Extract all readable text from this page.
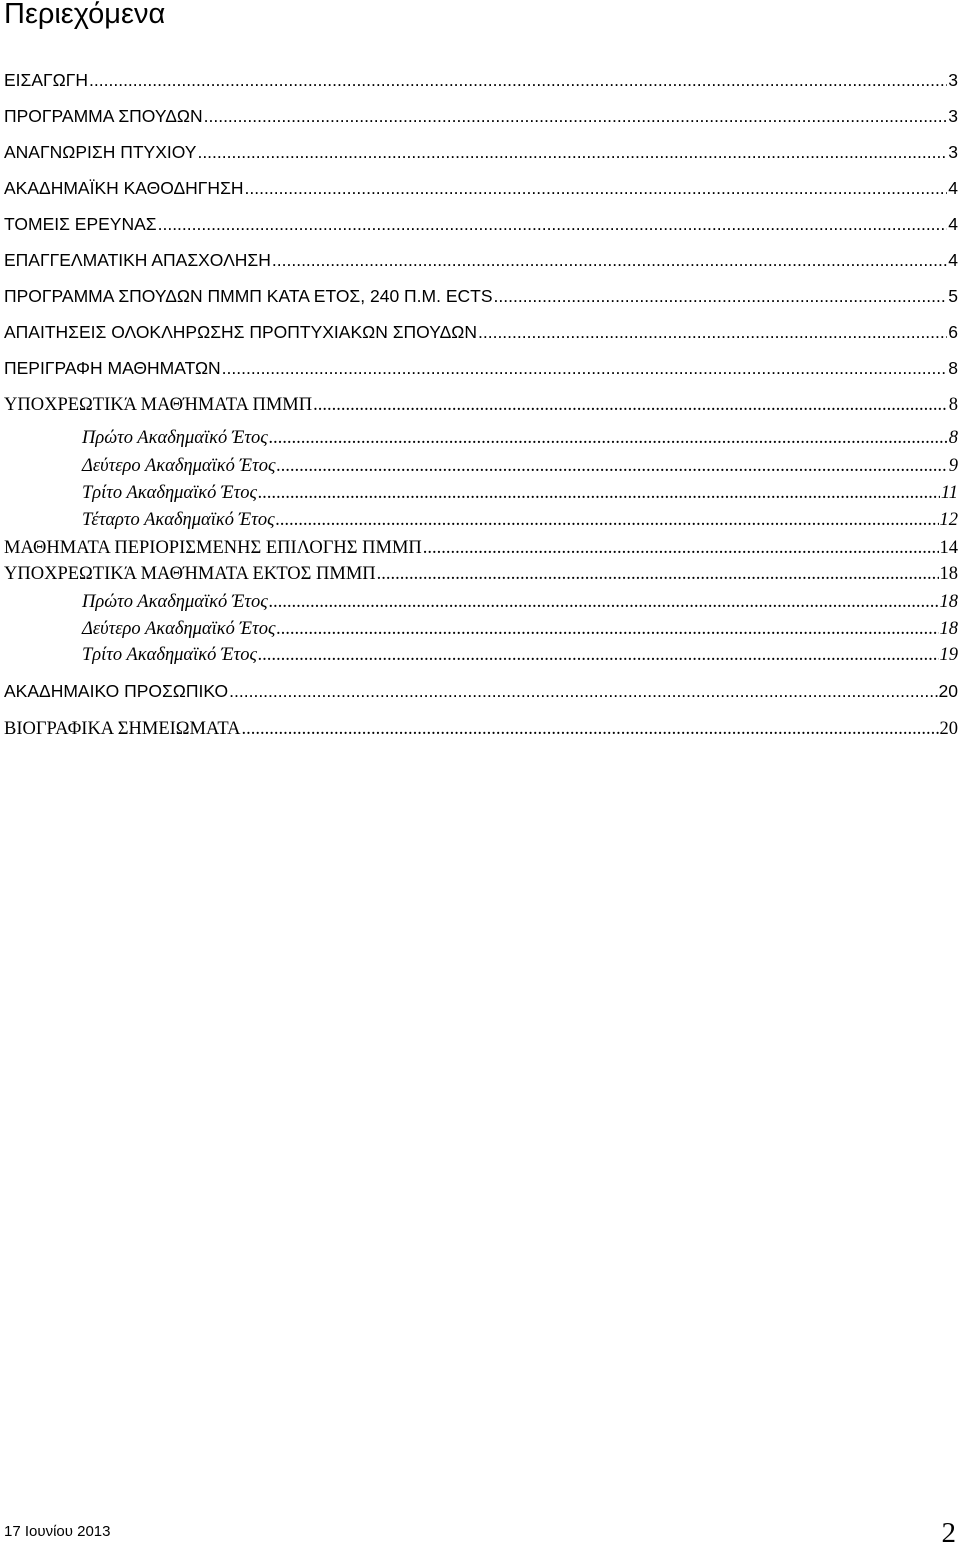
Περιεχόμενα
ΕΙΣΑΓΩΓΗ .....	3
ΠΡΟΓΡΑΜΜΑ ΣΠΟΥΔΩΝ .....	3
ΑΝΑΓΝΩΡΙΣΗ ΠΤΥΧΙΟΥ .....	3
ΑΚΑΔΗΜΑΪΚΗ ΚΑΘΟΔΗΓΗΣΗ .....	4
ΤΟΜΕΙΣ ΕΡΕΥΝΑΣ .....	4
ΕΠΑΓΓΕΛΜΑΤΙΚΗ ΑΠΑΣΧΟΛΗΣΗ .....	4
ΠΡΟΓΡΑΜΜΑ ΣΠΟΥΔΩΝ ΠΜΜΠ ΚΑΤΑ ΕΤΟΣ, 240 Π.Μ. ECTS .....	5
ΑΠΑΙΤΗΣΕΙΣ ΟΛΟΚΛΗΡΩΣΗΣ ΠΡΟΠΤΥΧΙΑΚΩΝ ΣΠΟΥΔΩΝ .....	6
ΠΕΡΙΓΡΑΦΗ ΜΑΘΗΜΑΤΩΝ .....	8
ΥΠΟΧΡΕΩΤΙΚΆ ΜΑΘΉΜΑΤΑ ΠΜΜΠ .....	8
Πρώτο Ακαδημαϊκό Έτος .....	8
Δεύτερο Ακαδημαϊκό Έτος .....	9
Τρίτο Ακαδημαϊκό Έτος .....	11
Τέταρτο Ακαδημαϊκό Έτος .....	12
ΜΑΘΗΜΑΤΑ ΠΕΡΙΟΡΙΣΜΕΝΗΣ ΕΠΙΛΟΓΗΣ ΠΜΜΠ .....	14
ΥΠΟΧΡΕΩΤΙΚΆ ΜΑΘΉΜΑΤΑ ΕΚΤΟΣ ΠΜΜΠ .....	18
Πρώτο Ακαδημαϊκό Έτος .....	18
Δεύτερο Ακαδημαϊκό Έτος .....	18
Τρίτο Ακαδημαϊκό Έτος .....	19
ΑΚΑΔΗΜΑΙΚΟ ΠΡΟΣΩΠΙΚΟ .....	20
ΒΙΟΓΡΑΦΙΚΑ ΣΗΜΕΙΩΜΑΤΑ .....	20
17 Ιουνίου 2013	2
